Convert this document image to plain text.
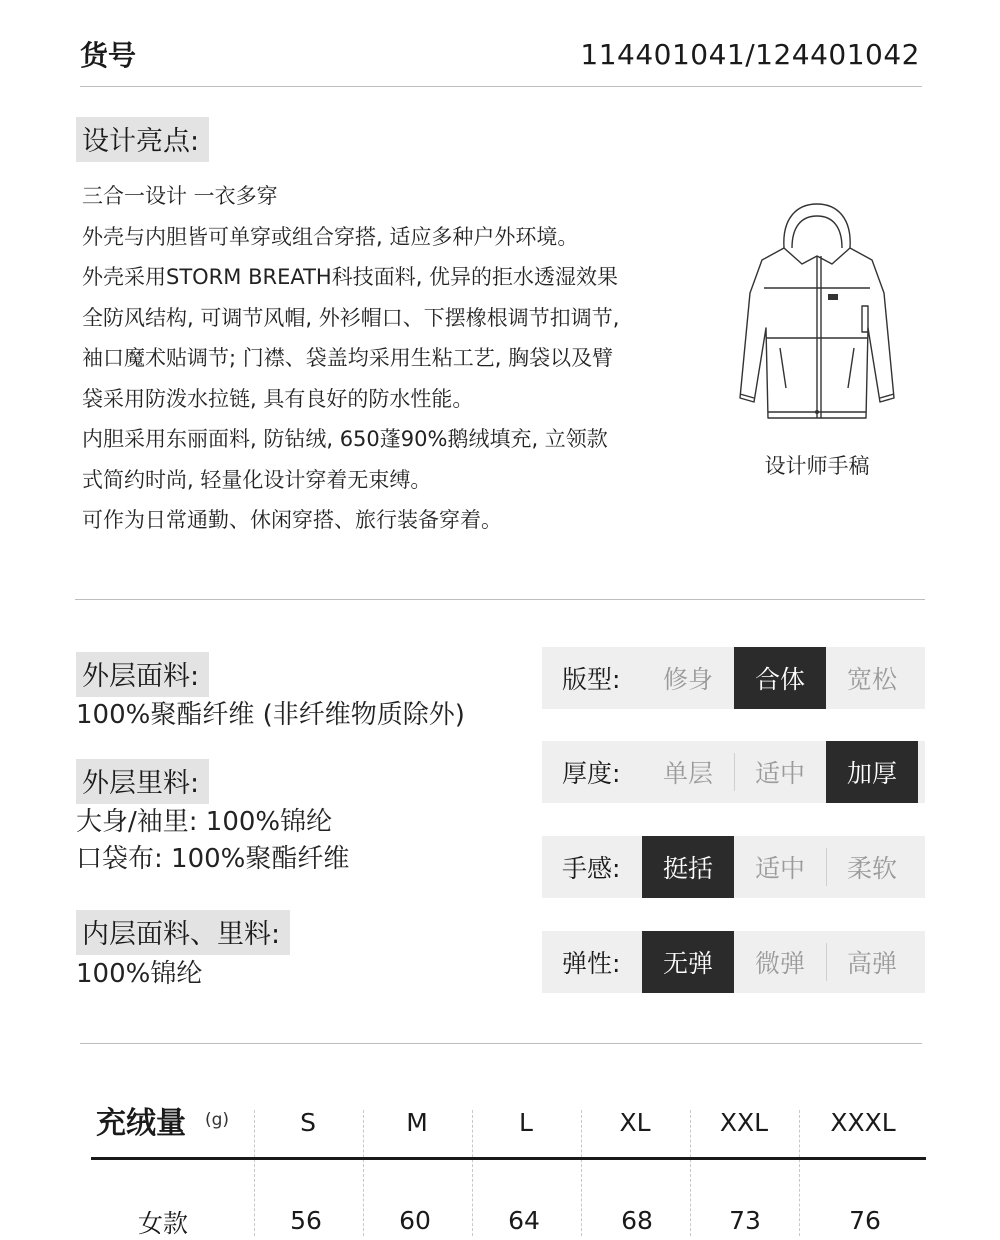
货号	114401041/124401042
设计亮点:
三合一设计 一衣多穿
外壳与内胆皆可单穿或组合穿搭, 适应多种户外环境。
外壳采用STORM BREATH科技面料, 优异的拒水透湿效果
全防风结构, 可调节风帽, 外衫帽口、下摆橡根调节扣调节,
袖口魔术贴调节; 门襟、袋盖均采用生粘工艺, 胸袋以及臂
袋采用防泼水拉链, 具有良好的防水性能。
内胆采用东丽面料, 防钻绒, 650蓬90%鹅绒填充, 立领款
式简约时尚, 轻量化设计穿着无束缚。
可作为日常通勤、休闲穿搭、旅行装备穿着。
设计师手稿
外层面料:
100%聚酯纤维 (非纤维物质除外)
外层里料:
大身/袖里: 100%锦纶
口袋布: 100%聚酯纤维
内层面料、里料:
100%锦纶
版型:	修身	合体	宽松
厚度:	单层	适中	加厚
手感:	挺括	适中	柔软
弹性:	无弹	微弹	高弹
充绒量 (g)	S	M	L	XL	XXL	XXXL
女款	56	60	64	68	73	76
